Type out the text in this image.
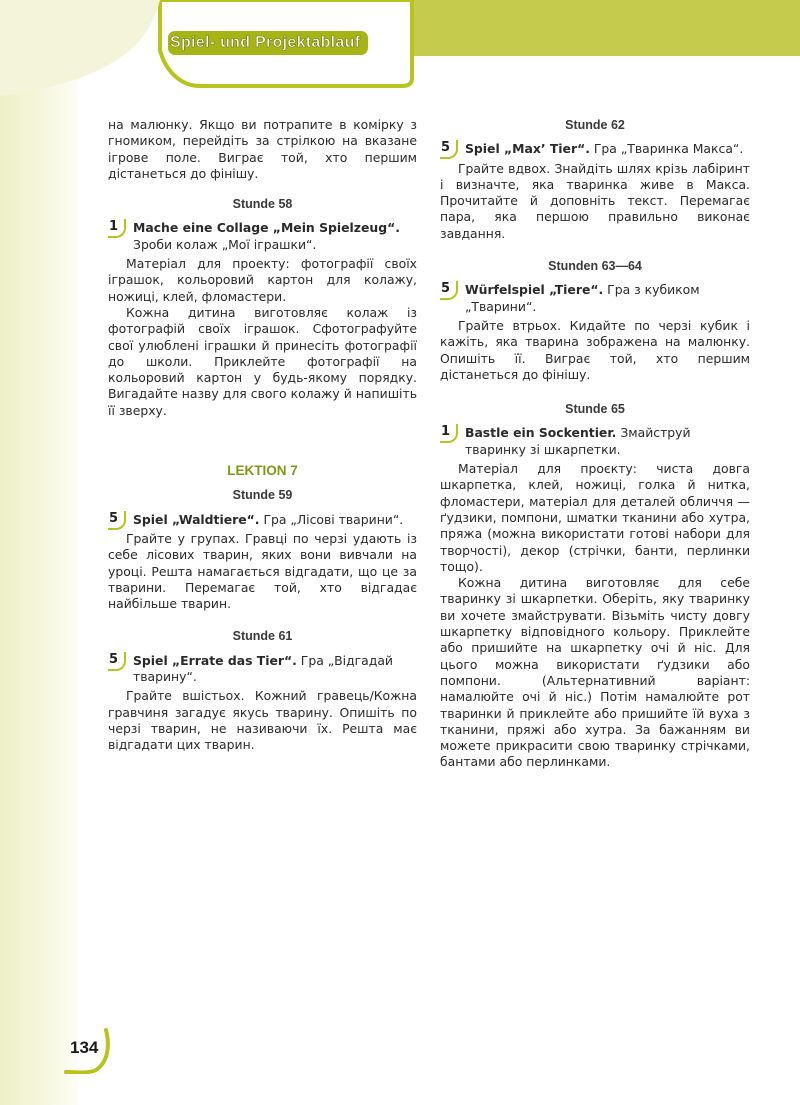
Spiel- und Projektablauf

на малюнку. Якщо ви потрапите в комірку з гномиком, перейдіть за стрілкою на вказане ігрове поле. Виграє той, хто першим дістанеться до фінішу.

Stunde 58
1	Mache eine Collage „Mein Spielzeug“. Зроби колаж „Мої іграшки“.

Матеріал для проекту: фотографії своїх іграшок, кольоровий картон для колажу, ножиці, клей, фломастери.

Кожна дитина виготовляє колаж із фотографій своїх іграшок. Сфотографуйте свої улюблені іграшки й принесіть фотографії до школи. Приклейте фотографії на кольоровий картон у будь-якому порядку. Вигадайте назву для свого колажу й напишіть її зверху.

LEKTION 7
Stunde 59
5	Spiel „Waldtiere“. Гра „Лісові тварини“.

Грайте у групах. Гравці по черзі удають із себе лісових тварин, яких вони вивчали на уроці. Решта намагається відгадати, що це за тварини. Перемагає той, хто відгадає найбільше тварин.

Stunde 61
5	Spiel „Errate das Tier“. Гра „Відгадай тварину“.

Грайте вшістьох. Кожний гравець/Кожна гравчиня загадує якусь тварину. Опишіть по черзі тварин, не називаючи їх. Решта має відгадати цих тварин.

Stunde 62
5	Spiel „Max’ Tier“. Гра „Тваринка Макса“.

Грайте вдвох. Знайдіть шлях крізь лабіринт і визначте, яка тваринка живе в Макса. Прочитайте й доповніть текст. Перемагає пара, яка першою правильно виконає завдання.

Stunden 63—64
5	Würfelspiel „Tiere“. Гра з кубиком „Тварини“.

Грайте втрьох. Кидайте по черзі кубик і кажіть, яка тварина зображена на малюнку. Опишіть її. Виграє той, хто першим дістанеться до фінішу.

Stunde 65
1	Bastle ein Sockentier. Змайструй тваринку зі шкарпетки.

Матеріал для проєкту: чиста довга шкарпетка, клей, ножиці, голка й нитка, фломастери, матеріал для деталей обличчя — ґудзики, помпони, шматки тканини або хутра, пряжа (можна використати готові набори для творчості), декор (стрічки, банти, перлинки тощо).

Кожна дитина виготовляє для себе тваринку зі шкарпетки. Оберіть, яку тваринку ви хочете змайструвати. Візьміть чисту довгу шкарпетку відповідного кольору. Приклейте або пришийте на шкарпетку очі й ніс. Для цього можна використати ґудзики або помпони. (Альтернативний варіант: намалюйте очі й ніс.) Потім намалюйте рот тваринки й приклейте або пришийте їй вуха з тканини, пряжі або хутра. За бажанням ви можете прикрасити свою тваринку стрічками, бантами або перлинками.

134
